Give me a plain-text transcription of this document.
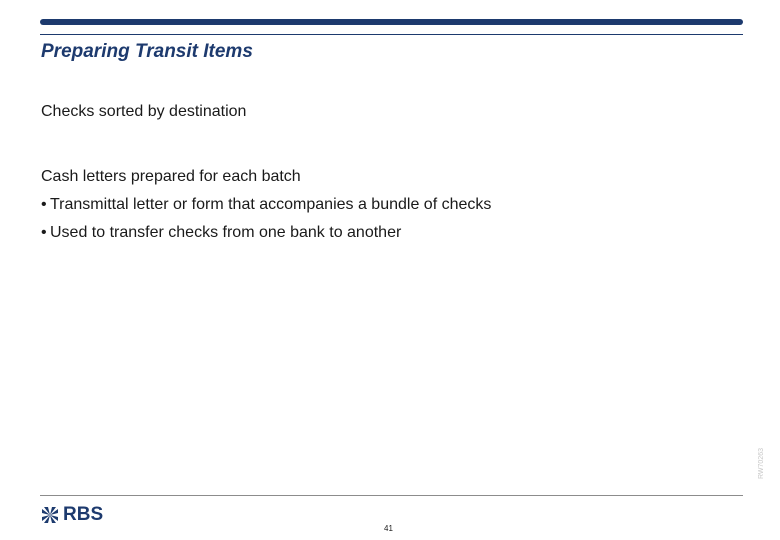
Preparing Transit Items
Checks sorted by destination
Cash letters prepared for each batch
• Transmittal letter or form that accompanies a bundle of checks
• Used to transfer checks from one bank to another
RW70263
RBS
41
